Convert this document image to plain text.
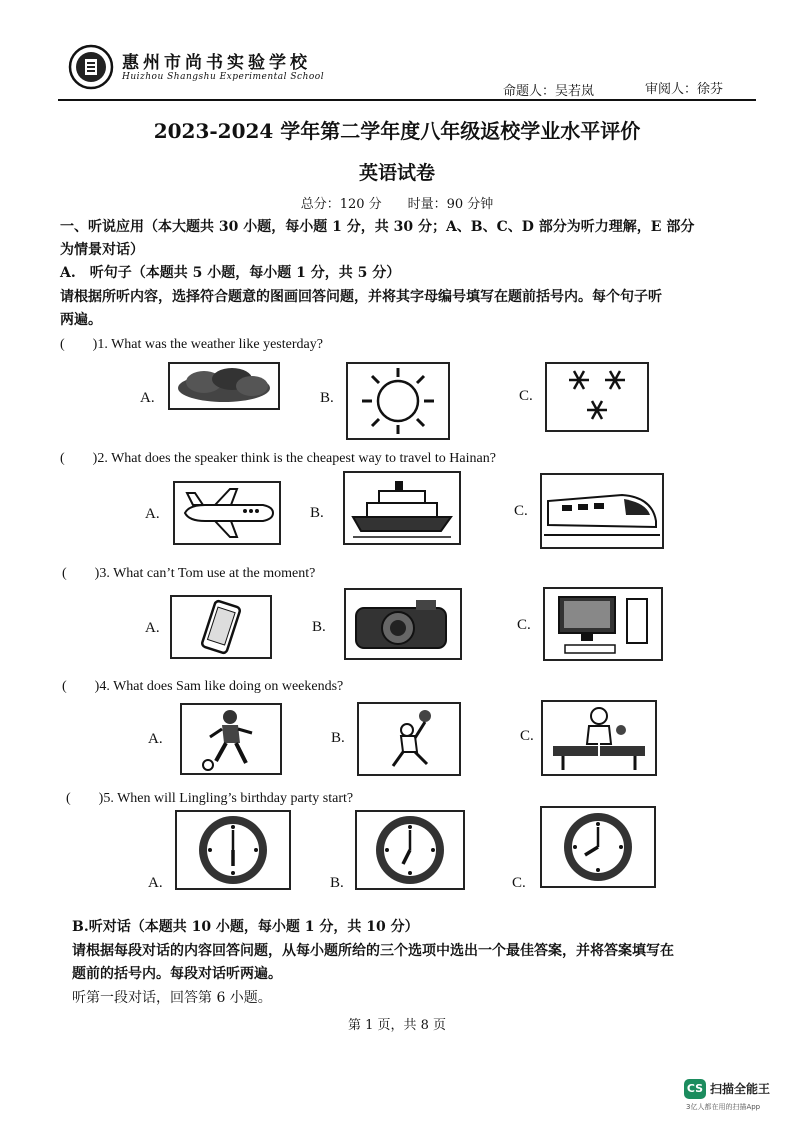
惠州市尚书实验学校
Huizhou Shangshu Experimental School
命题人：吴若岚	审阅人：徐芬
2023-2024 学年第二学年度八年级返校学业水平评价
英语试卷
总分：120 分　　时量：90 分钟
一、听说应用（本大题共 30 小题，每小题 1 分，共 30 分；A、B、C、D 部分为听力理解，E 部分
为情景对话）
A.　听句子（本题共 5 小题，每小题 1 分，共 5 分）
请根据所听内容，选择符合题意的图画回答问题，并将其字母编号填写在题前括号内。每个句子听
两遍。
(　　)1. What was the weather like yesterday?
A.	B.	C.
(　　)2. What does the speaker think is the cheapest way to travel to Hainan?
A.	B.	C.
(　　)3. What can’t Tom use at the moment?
A.	B.	C.
(　　)4. What does Sam like doing on weekends?
A.	B.	C.
(　　)5. When will Lingling’s birthday party start?
A.	B.	C.
B.听对话（本题共 10 小题，每小题 1 分，共 10 分）
请根据每段对话的内容回答问题，从每小题所给的三个选项中选出一个最佳答案，并将答案填写在
题前的括号内。每段对话听两遍。
听第一段对话，回答第 6 小题。
第 1 页，共 8 页
CS 扫描全能王
3亿人都在用的扫描App
